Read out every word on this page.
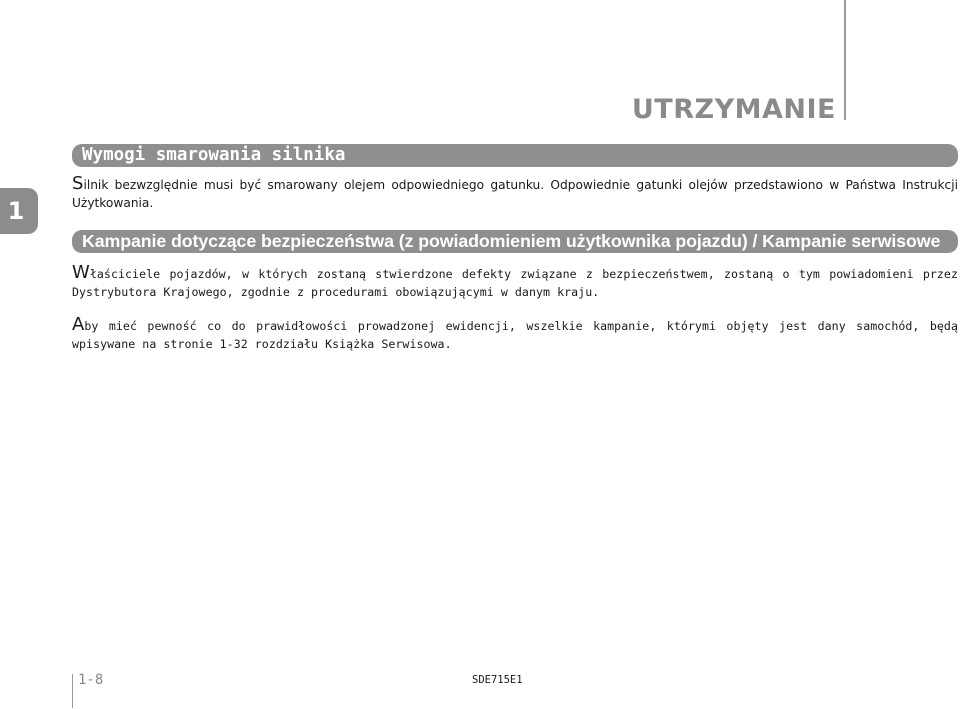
UTRZYMANIE
1
Wymogi smarowania silnika

Silnik bezwzględnie musi być smarowany olejem odpowiedniego gatunku. Odpowiednie gatunki olejów przedstawiono w Państwa Instrukcji Użytkowania.

Kampanie dotyczące bezpieczeństwa (z powiadomieniem użytkownika pojazdu) / Kampanie serwisowe

Właściciele pojazdów, w których zostaną stwierdzone defekty związane z bezpieczeństwem, zostaną o tym powiadomieni przez Dystrybutora Krajowego, zgodnie z procedurami obowiązującymi w danym kraju.

Aby mieć pewność co do prawidłowości prowadzonej ewidencji, wszelkie kampanie, którymi objęty jest dany samochód, będą wpisywane na stronie 1-32 rozdziału Książka Serwisowa.

1-8	SDE715E1
